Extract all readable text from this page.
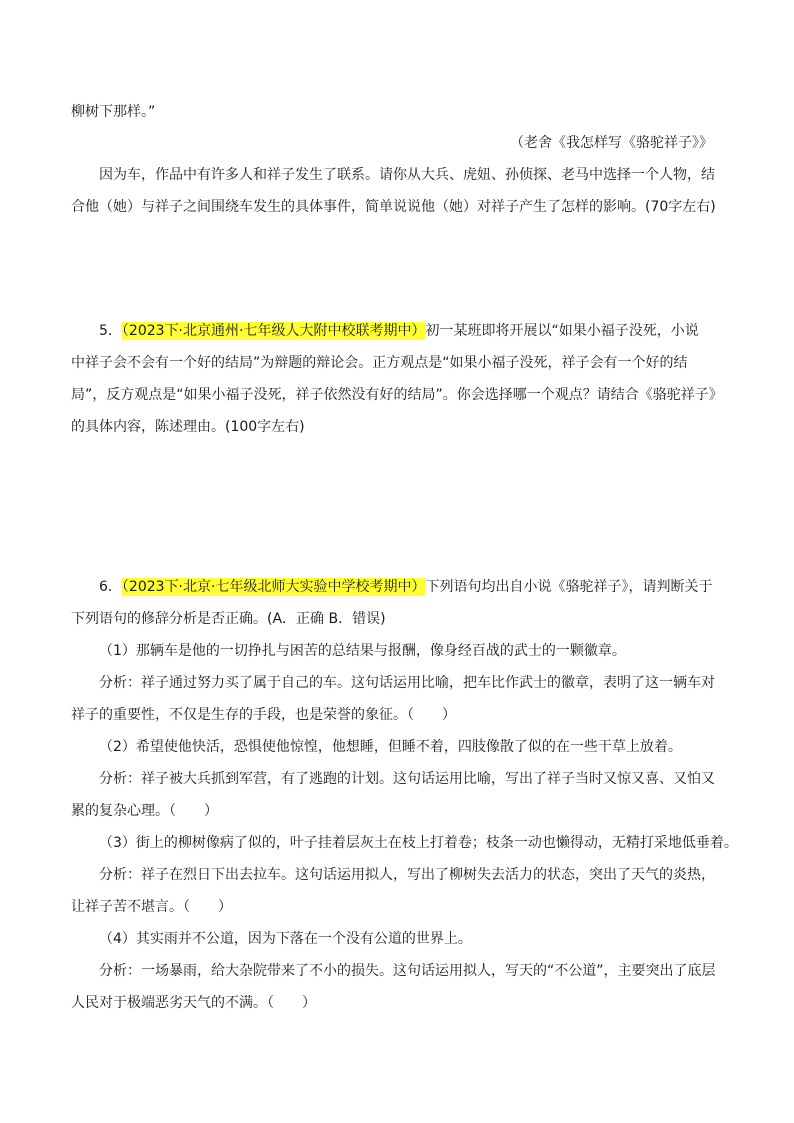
柳树下那样。”
（老舍《我怎样写《骆驼祥子》》
因为车，作品中有许多人和祥子发生了联系。请你从大兵、虎妞、孙侦探、老马中选择一个人物，结
合他（她）与祥子之间围绕车发生的具体事件，简单说说他（她）对祥子产生了怎样的影响。(70字左右)
5．（2023下·北京通州·七年级人大附中校联考期中）初一某班即将开展以“如果小福子没死，小说
中祥子会不会有一个好的结局”为辩题的辩论会。正方观点是“如果小福子没死，祥子会有一个好的结
局”，反方观点是“如果小福子没死，祥子依然没有好的结局”。你会选择哪一个观点？请结合《骆驼祥子》
的具体内容，陈述理由。(100字左右)
6．（2023下·北京·七年级北师大实验中学校考期中）下列语句均出自小说《骆驼祥子》，请判断关于
下列语句的修辞分析是否正确。(A．正确 B．错误)
（1）那辆车是他的一切挣扎与困苦的总结果与报酬，像身经百战的武士的一颗徽章。
分析：祥子通过努力买了属于自己的车。这句话运用比喻，把车比作武士的徽章，表明了这一辆车对
祥子的重要性，不仅是生存的手段，也是荣誉的象征。（　　）
（2）希望使他快活，恐惧使他惊惶，他想睡，但睡不着，四肢像散了似的在一些干草上放着。
分析：祥子被大兵抓到军营，有了逃跑的计划。这句话运用比喻，写出了祥子当时又惊又喜、又怕又
累的复杂心理。（　　）
（3）街上的柳树像病了似的，叶子挂着层灰土在枝上打着卷；枝条一动也懒得动，无精打采地低垂着。
分析：祥子在烈日下出去拉车。这句话运用拟人，写出了柳树失去活力的状态，突出了天气的炎热，
让祥子苦不堪言。（　　）
（4）其实雨并不公道，因为下落在一个没有公道的世界上。
分析：一场暴雨，给大杂院带来了不小的损失。这句话运用拟人，写天的“不公道”，主要突出了底层
人民对于极端恶劣天气的不满。（　　）
